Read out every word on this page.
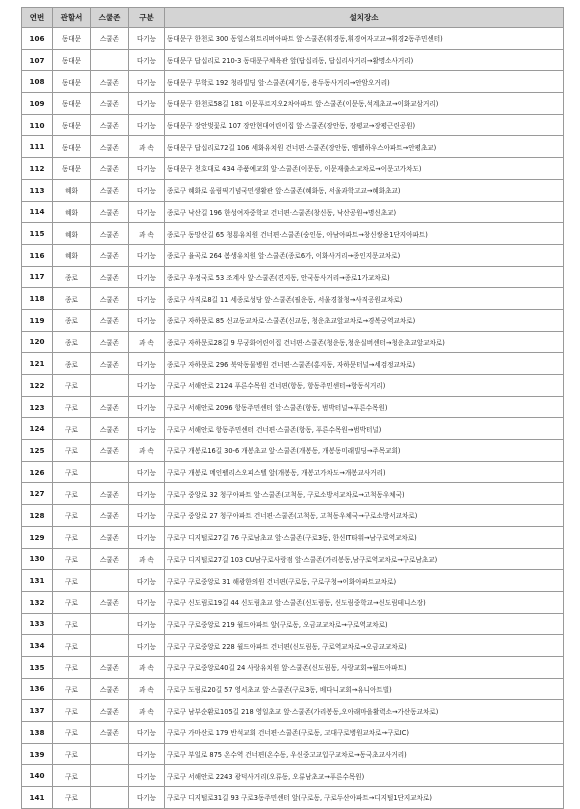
연번	관할서	스쿨존	구분	설치장소
106	동대문	스쿨존	다기능	동대문구 한천로 300 동일스위트리버아파트 앞·스쿨존(휘경동,휘경여자고교→휘경2동주민센터)
107	동대문		다기능	동대문구 답십리로 210-3 동대문구체육관 앞(답십리동, 답십리사거리→활명소사거리)
108	동대문	스쿨존	다기능	동대문구 무학로 192 청라빌딩 앞·스쿨존(제기동, 용두동사거리→안암오거리)
109	동대문	스쿨존	다기능	동대문구 한천로58길 181 이문푸르지오2차아파트 앞·스쿨존(이문동,석계초교→이화교삼거리)
110	동대문	스쿨존	다기능	동대문구 장안벚꽃로 107 장안현대어린이집 앞·스쿨존(장안동, 장평교→장평근린공원)
111	동대문	스쿨존	과 속	동대문구 답십리로72길 106 세화유치원 건너편·스쿨존(장안동, 엠펠하우스아파트→안평초교)
112	동대문	스쿨존	다기능	동대문구 천호대로 434 주품예교회 앞·스쿨존(이문동, 이문재출소교차로→이문고가차도)
113	혜화	스쿨존	다기능	종로구 혜화로 올림픽기념국민생활관 앞·스쿨존(혜화동, 서울과학고교→혜화초교)
114	혜화	스쿨존	다기능	종로구 낙산길 196 한성여자중학교 건너편·스쿨존(창신동, 낙산공원→명신초교)
115	혜화	스쿨존	과 속	종로구 동망산길 65 청룡유치원 건너편·스쿨존(숭인동, 아남아파트→창신쌍용1단지아파트)
116	혜화	스쿨존	다기능	종로구 율곡로 264 봄생유치원 앞·스쿨존(종로6가, 이화사거리→종인지문교차로)
117	종로	스쿨존	다기능	종로구 우정국로 53 조계사 앞·스쿨존(견지동, 안국동사거리→종로1가교차로)
118	종로	스쿨존	다기능	종로구 사직로8길 11 세종로성당 앞·스쿨존(필운동, 서울경찰청→사직공원교차로)
119	종로	스쿨존	다기능	종로구 자하문로 85 신교동교차로·스쿨존(신교동, 청운초교앞교차로→경복궁역교차로)
120	종로	스쿨존	과 속	종로구 자하문로28길 9 무궁화어린이집 건너편·스쿨존(청운동,청운실버센터→청운초교앞교차로)
121	종로	스쿨존	다기능	종로구 자하문로 296 북악동물병원 건너편·스쿨존(홍지동, 자하문터널→세검정교차로)
122	구로		다기능	구로구 서해안로 2124 푸른수목원 건너편(항동, 항동주민센터→항동식거리)
123	구로	스쿨존	다기능	구로구 서해안로 2096 항동주민센터 앞·스쿨존(항동, 범박터널→푸른수목원)
124	구로	스쿨존	다기능	구로구 서해안로 항동주민센터 건너편·스쿨존(항동, 푸른수목원→범박터널)
125	구로	스쿨존	과 속	구로구 개봉로16길 30-6 개봉초교 앞·스쿨존(개봉동, 개봉동미래빌딩→주목교회)
126	구로		다기능	구로구 개봉로 메인펠리스오피스텔 앞(개봉동, 개봉고가차도→개봉교사거리)
127	구로	스쿨존	다기능	구로구 중앙로 32 청구아파트 앞·스쿨존(고척동, 구로소방서교차로→고척동우체국)
128	구로	스쿨존	다기능	구로구 중앙로 27 청구아파트 건너편·스쿨존(고척동, 고척동우체국→구로소방서교차로)
129	구로	스쿨존	다기능	구로구 디지털로27길 76 구로남초교 앞·스쿨존(구로3동, 한신IT타워→남구로역교차로)
130	구로	스쿨존	과 속	구로구 디지털로27길 103 CU남구로사랑점 앞·스쿨존(가리봉동,남구로역교차로→구로남초교)
131	구로		다기능	구로구 구로중앙로 31 해광한의원 건너편(구로동, 구로구청→이화아파트교차로)
132	구로	스쿨존	다기능	구로구 신도림로19길 44 신도림초교 앞·스쿨존(신도림동, 신도림중학교→신도림테니스장)
133	구로		다기능	구로구 구로중앙로 219 월드아파트 앞(구로동, 오금교교차로→구로역교차로)
134	구로		다기능	구로구 구로중앙로 228 월드아파트 건너편(신도림동, 구로역교차로→오금교교차로)
135	구로	스쿨존	과 속	구로구 구로중앙로40길 24 사랑유치원 앞·스쿨존(신도림동, 사랑교회→월드아파트)
136	구로	스쿨존	과 속	구로구 도림로20길 57 영서초교 앞·스쿨존(구로3동, 베다니교회→유니아트빌)
137	구로	스쿨존	과 속	구로구 남부순환로105길 218 영일초교 앞·스쿨존(가리봉동,오아래마을활력소→가산동교차로)
138	구로	스쿨존	다기능	구로구 가마산로 179 반석교회 건너편·스쿨존(구로동, 고대구로병원교차로→구로IC)
139	구로		다기능	구로구 부일로 875 온수역 건너편(온수동, 우신중고교입구교차로→동국초교사거리)
140	구로		다기능	구로구 서해안로 2243 광덕사거리(오류동, 오류남초교→푸른수목원)
141	구로		다기능	구로구 디지털로31길 93 구로3동주민센터 앞(구로동, 구로두산아파트→디지털1단지교차로)
